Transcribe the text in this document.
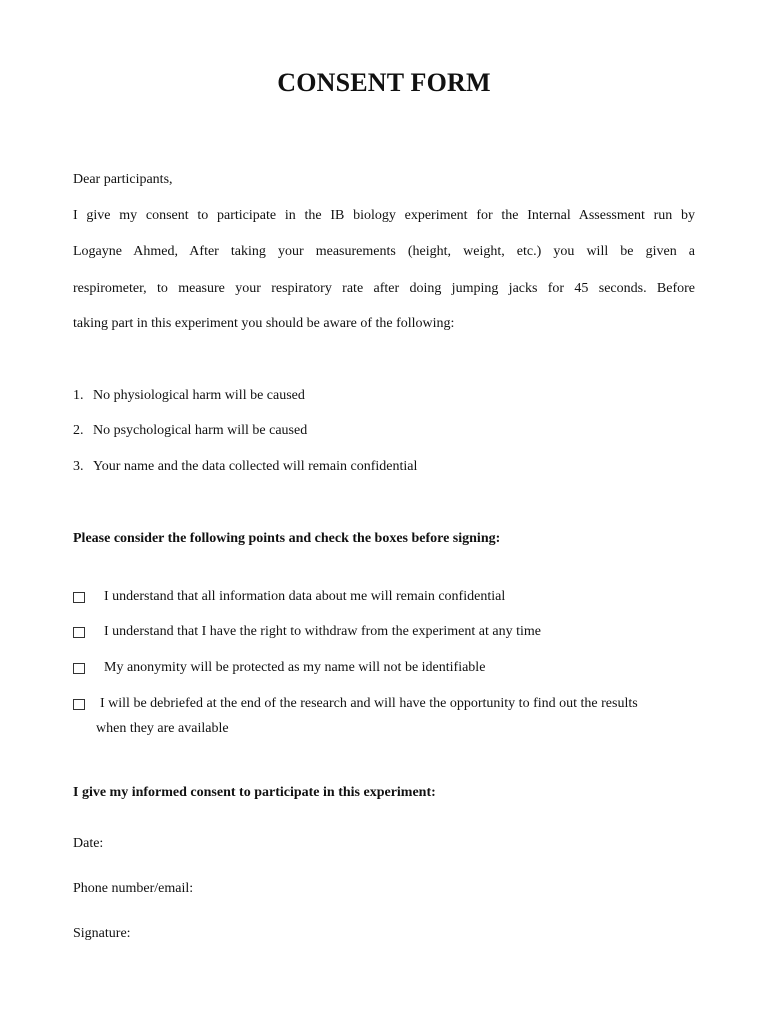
CONSENT FORM
Dear participants,
I give my consent to participate in the IB biology experiment for the Internal Assessment run by
Logayne Ahmed, After taking your measurements (height, weight, etc.) you will be given a
respirometer, to measure your respiratory rate after doing jumping jacks for 45 seconds. Before
taking part in this experiment you should be aware of the following:
1. No physiological harm will be caused
2. No psychological harm will be caused
3. Your name and the data collected will remain confidential
Please consider the following points and check the boxes before signing:
I understand that all information data about me will remain confidential
I understand that I have the right to withdraw from the experiment at any time
My anonymity will be protected as my name will not be identifiable
I will be debriefed at the end of the research and will have the opportunity to find out the results
when they are available
I give my informed consent to participate in this experiment:
Date:
Phone number/email:
Signature:
